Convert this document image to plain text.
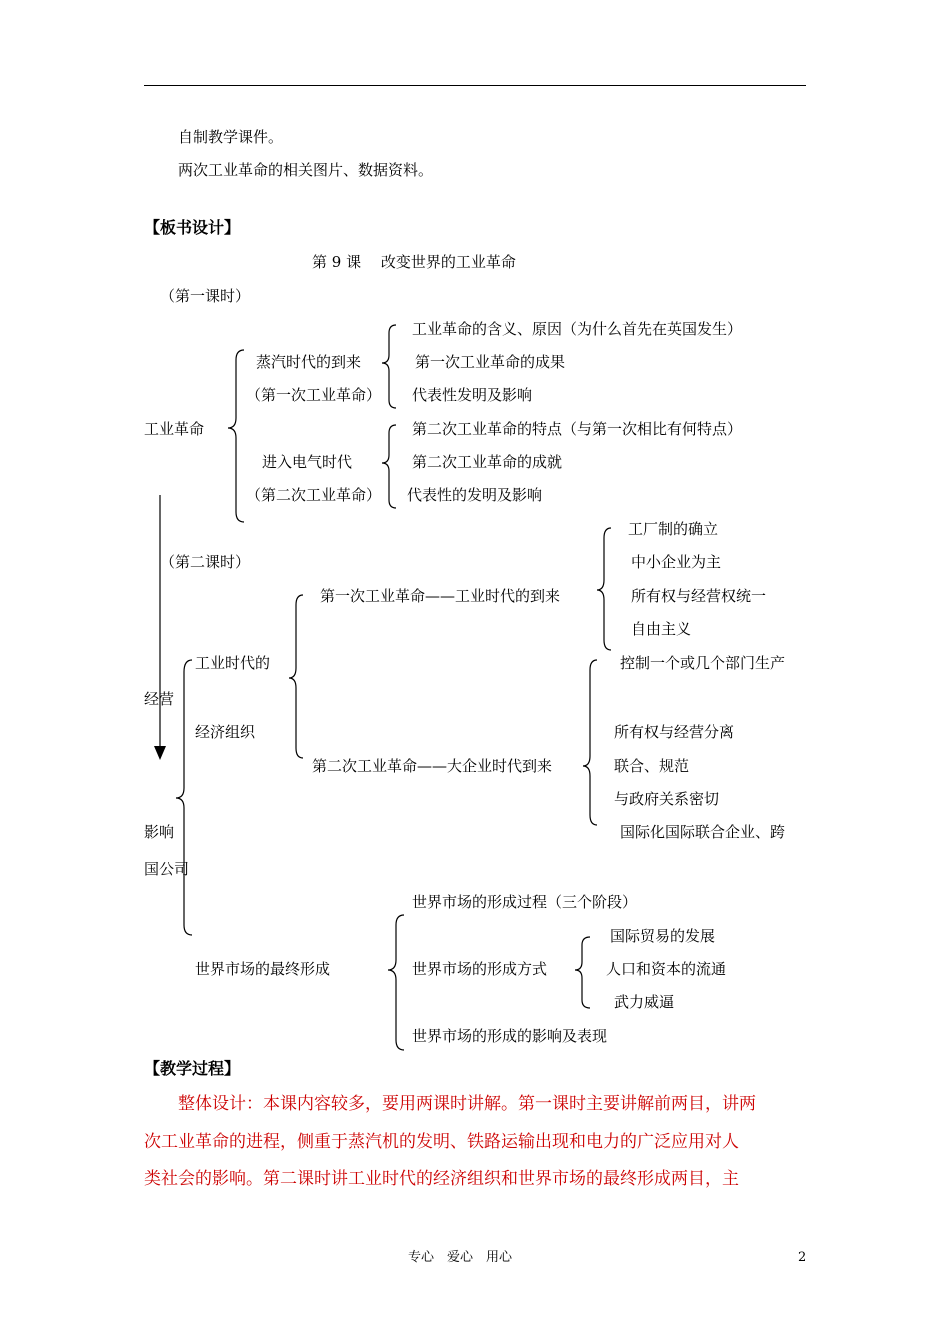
自制教学课件。
两次工业革命的相关图片、数据资料。
【板书设计】
第 9 课　 改变世界的工业革命
（第一课时）
工业革命
蒸汽时代的到来
（第一次工业革命）
工业革命的含义、原因（为什么首先在英国发生）
第一次工业革命的成果
代表性发明及影响
进入电气时代
（第二次工业革命）
第二次工业革命的特点（与第一次相比有何特点）
第二次工业革命的成就
代表性的发明及影响
（第二课时）
经营
影响
国公司
工业时代的
经济组织
第一次工业革命——工业时代的到来
工厂制的确立
中小企业为主
所有权与经营权统一
自由主义
第二次工业革命——大企业时代到来
控制一个或几个部门生产
所有权与经营分离
联合、规范
与政府关系密切
国际化国际联合企业、跨
世界市场的最终形成
世界市场的形成过程（三个阶段）
世界市场的形成方式
国际贸易的发展
人口和资本的流通
武力威逼
世界市场的形成的影响及表现
【教学过程】
整体设计：本课内容较多，要用两课时讲解。第一课时主要讲解前两目，讲两
次工业革命的进程，侧重于蒸汽机的发明、铁路运输出现和电力的广泛应用对人
类社会的影响。第二课时讲工业时代的经济组织和世界市场的最终形成两目，主
专心　爱心　用心	2
